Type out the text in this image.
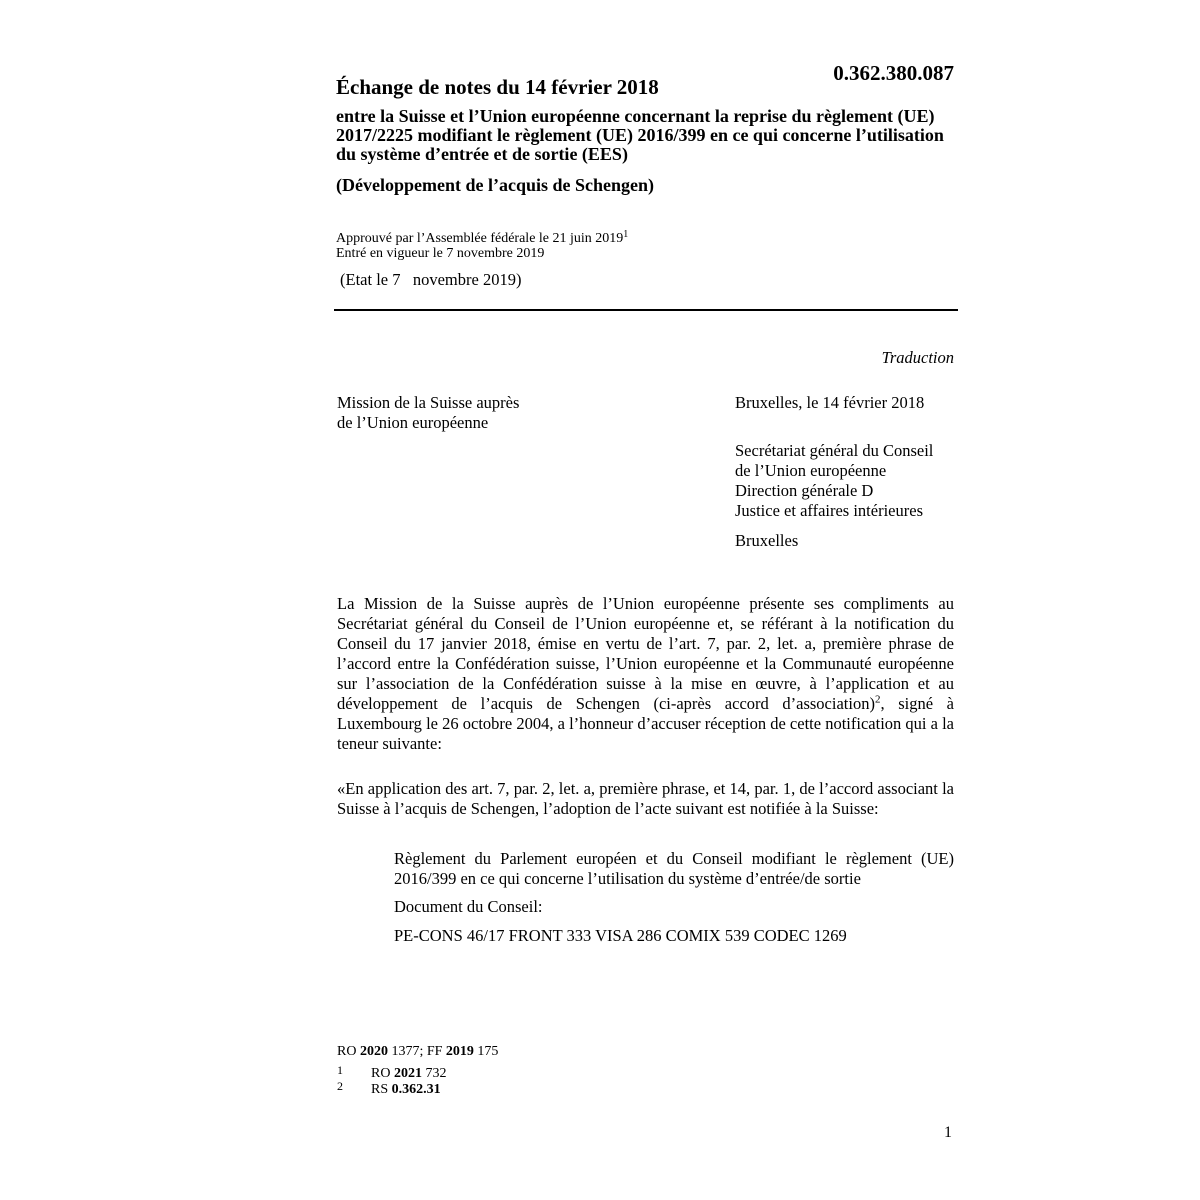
Échange de notes du 14 février 2018
0.362.380.087
entre la Suisse et l’Union européenne concernant la reprise du règlement (UE) 2017/2225 modifiant le règlement (UE) 2016/399 en ce qui concerne l’utilisation du système d’entrée et de sortie (EES)
(Développement de l’acquis de Schengen)
Approuvé par l’Assemblée fédérale le 21 juin 2019$^1$
Entré en vigueur le 7 novembre 2019
(Etat le 7   novembre 2019)
Traduction
Mission de la Suisse auprès
de l’Union européenne
Bruxelles, le 14 février 2018
Secrétariat général du Conseil
de l’Union européenne
Direction générale D
Justice et affaires intérieures
Bruxelles
La Mission de la Suisse auprès de l’Union européenne présente ses compliments au Secrétariat général du Conseil de l’Union européenne et, se référant à la notification du Conseil du 17 janvier 2018, émise en vertu de l’art. 7, par. 2, let. a, première phrase de l’accord entre la Confédération suisse, l’Union européenne et la Communauté européenne sur l’association de la Confédération suisse à la mise en œuvre, à l’application et au développement de l’acquis de Schengen (ci-après accord d’association)$^2$, signé à Luxembourg le 26 octobre 2004, a l’honneur d’accuser réception de cette notification qui a la teneur suivante:
«En application des art. 7, par. 2, let. a, première phrase, et 14, par. 1, de l’accord associant la Suisse à l’acquis de Schengen, l’adoption de l’acte suivant est notifiée à la Suisse:
Règlement du Parlement européen et du Conseil modifiant le règlement (UE) 2016/399 en ce qui concerne l’utilisation du système d’entrée/de sortie
Document du Conseil:
PE-CONS 46/17 FRONT 333 VISA 286 COMIX 539 CODEC 1269
RO 2020 1377; FF 2019 175
1 RO 2021 732
2 RS 0.362.31
1
